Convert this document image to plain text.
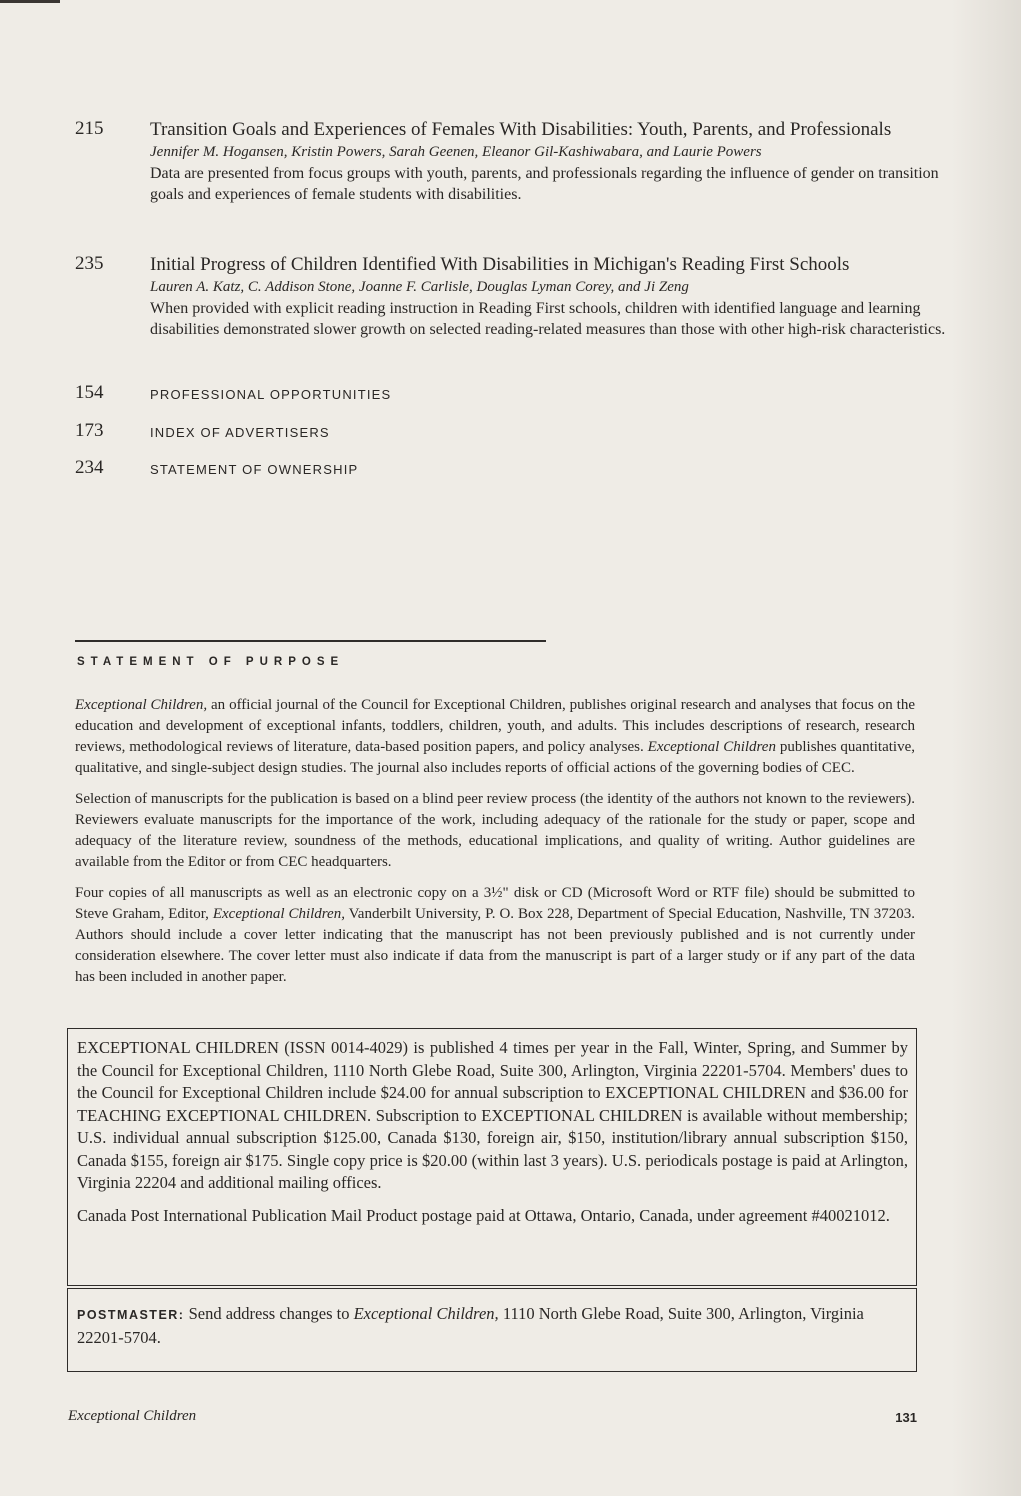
215 Transition Goals and Experiences of Females With Disabilities: Youth, Parents, and Professionals
Jennifer M. Hogansen, Kristin Powers, Sarah Geenen, Eleanor Gil-Kashiwabara, and Laurie Powers
Data are presented from focus groups with youth, parents, and professionals regarding the influence of gender on transition goals and experiences of female students with disabilities.
235 Initial Progress of Children Identified With Disabilities in Michigan's Reading First Schools
Lauren A. Katz, C. Addison Stone, Joanne F. Carlisle, Douglas Lyman Corey, and Ji Zeng
When provided with explicit reading instruction in Reading First schools, children with identified language and learning disabilities demonstrated slower growth on selected reading-related measures than those with other high-risk characteristics.
154	PROFESSIONAL OPPORTUNITIES
173	INDEX OF ADVERTISERS
234	STATEMENT OF OWNERSHIP
STATEMENT OF PURPOSE

Exceptional Children, an official journal of the Council for Exceptional Children, publishes original research and analyses that focus on the education and development of exceptional infants, toddlers, children, youth, and adults. This includes descriptions of research, research reviews, methodological reviews of literature, data-based position papers, and policy analyses. Exceptional Children publishes quantitative, qualitative, and single-subject design studies. The journal also includes reports of official actions of the governing bodies of CEC.

Selection of manuscripts for the publication is based on a blind peer review process (the identity of the authors not known to the reviewers). Reviewers evaluate manuscripts for the importance of the work, including adequacy of the rationale for the study or paper, scope and adequacy of the literature review, soundness of the methods, educational implications, and quality of writing. Author guidelines are available from the Editor or from CEC headquarters.

Four copies of all manuscripts as well as an electronic copy on a 3½" disk or CD (Microsoft Word or RTF file) should be submitted to Steve Graham, Editor, Exceptional Children, Vanderbilt University, P. O. Box 228, Department of Special Education, Nashville, TN 37203. Authors should include a cover letter indicating that the manuscript has not been previously published and is not currently under consideration elsewhere. The cover letter must also indicate if data from the manuscript is part of a larger study or if any part of the data has been included in another paper.

EXCEPTIONAL CHILDREN (ISSN 0014-4029) is published 4 times per year in the Fall, Winter, Spring, and Summer by the Council for Exceptional Children, 1110 North Glebe Road, Suite 300, Arlington, Virginia 22201-5704. Members' dues to the Council for Exceptional Children include $24.00 for annual subscription to EXCEPTIONAL CHILDREN and $36.00 for TEACHING EXCEPTIONAL CHILDREN. Subscription to EXCEPTIONAL CHILDREN is available without membership; U.S. individual annual subscription $125.00, Canada $130, foreign air, $150, institution/library annual subscription $150, Canada $155, foreign air $175. Single copy price is $20.00 (within last 3 years). U.S. periodicals postage is paid at Arlington, Virginia 22204 and additional mailing offices.

Canada Post International Publication Mail Product postage paid at Ottawa, Ontario, Canada, under agreement #40021012.

POSTMASTER: Send address changes to Exceptional Children, 1110 North Glebe Road, Suite 300, Arlington, Virginia 22201-5704.
Exceptional Children	131
